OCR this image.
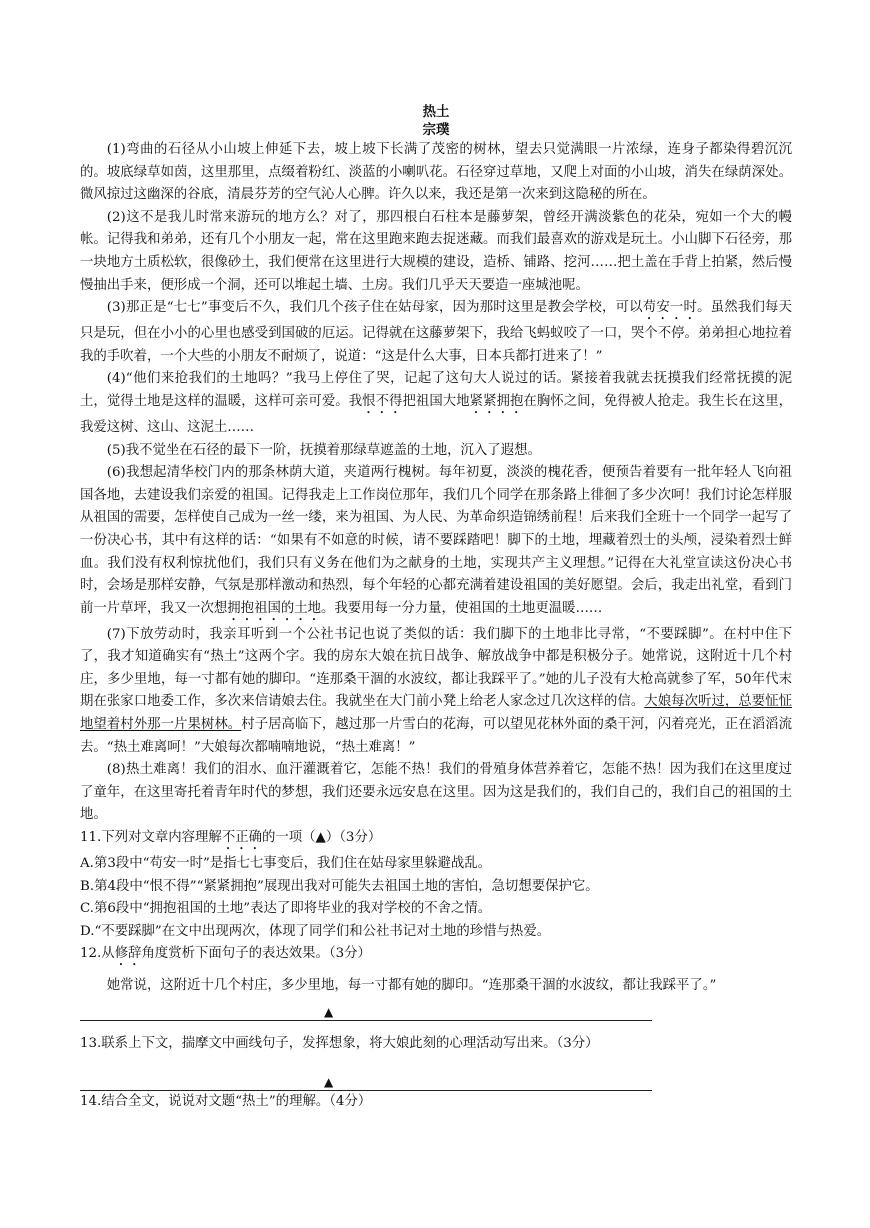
热土
宗璞
(1)弯曲的石径从小山坡上伸延下去，坡上坡下长满了茂密的树林，望去只觉满眼一片浓绿，连身子都染得碧沉沉的。坡底绿草如茵，这里那里，点缀着粉红、淡蓝的小喇叭花。石径穿过草地，又爬上对面的小山坡，消失在绿荫深处。微风掠过这幽深的谷底，清晨芬芳的空气沁人心脾。许久以来，我还是第一次来到这隐秘的所在。
(2)这不是我儿时常来游玩的地方么？对了，那四根白石柱本是藤萝架，曾经开满淡紫色的花朵，宛如一个大的幔帐。记得我和弟弟，还有几个小朋友一起，常在这里跑来跑去捉迷藏。而我们最喜欢的游戏是玩土。小山脚下石径旁，那一块地方土质松软，很像砂土，我们便常在这里进行大规模的建设，造桥、铺路、挖河……把土盖在手背上拍紧，然后慢慢抽出手来，便形成一个洞，还可以堆起土墙、土房。我们几乎天天要造一座城池呢。
(3)那正是“七七”事变后不久，我们几个孩子住在姑母家，因为那时这里是教会学校，可以苟安一时。虽然我们每天只是玩，但在小小的心里也感受到国破的厄运。记得就在这藤萝架下，我给飞蚂蚁咬了一口，哭个不停。弟弟担心地拉着我的手吹着，一个大些的小朋友不耐烦了，说道：“这是什么大事，日本兵都打进来了！”
(4)“他们来抢我们的土地吗？”我马上停住了哭，记起了这句大人说过的话。紧接着我就去抚摸我们经常抚摸的泥土，觉得土地是这样的温暖，这样可亲可爱。我恨不得把祖国大地紧紧拥抱在胸怀之间，免得被人抢走。我生长在这里，我爱这树、这山、这泥土……
(5)我不觉坐在石径的最下一阶，抚摸着那绿草遮盖的土地，沉入了遐想。
(6)我想起清华校门内的那条林荫大道，夹道两行槐树。每年初夏，淡淡的槐花香，便预告着要有一批年轻人飞向祖国各地，去建设我们亲爱的祖国。记得我走上工作岗位那年，我们几个同学在那条路上徘徊了多少次呵！我们讨论怎样服从祖国的需要，怎样使自己成为一丝一缕，来为祖国、为人民、为革命织造锦绣前程！后来我们全班十一个同学一起写了一份决心书，其中有这样的话：“如果有不如意的时候，请不要踩踏吧！脚下的土地，埋藏着烈士的头颅，浸染着烈士鲜血。我们没有权利惊扰他们，我们只有义务在他们为之献身的土地，实现共产主义理想。”记得在大礼堂宣读这份决心书时，会场是那样安静，气氛是那样激动和热烈，每个年轻的心都充满着建设祖国的美好愿望。会后，我走出礼堂，看到门前一片草坪，我又一次想拥抱祖国的土地。我要用每一分力量，使祖国的土地更温暖……
(7)下放劳动时，我亲耳听到一个公社书记也说了类似的话：我们脚下的土地非比寻常，“不要踩脚”。在村中住下了，我才知道确实有“热土”这两个字。我的房东大娘在抗日战争、解放战争中都是积极分子。她常说，这附近十几个村庄，多少里地，每一寸都有她的脚印。“连那桑干涸的水波纹，都让我踩平了。”她的儿子没有大枪高就参了军，50年代末期在张家口地委工作，多次来信请娘去住。我就坐在大门前小凳上给老人家念过几次这样的信。大娘每次听过，总要怔怔地望着村外那一片果树林。村子居高临下，越过那一片雪白的花海，可以望见花林外面的桑干河，闪着亮光，正在滔滔流去。“热土难离呵！”大娘每次都喃喃地说，“热土难离！”
(8)热土难离！我们的泪水、血汗灌溉着它，怎能不热！我们的骨殖身体营养着它，怎能不热！因为我们在这里度过了童年，在这里寄托着青年时代的梦想，我们还要永远安息在这里。因为这是我们的，我们自己的，我们自己的祖国的土地。
11.下列对文章内容理解不正确的一项（▲）（3分）
A.第3段中“苟安一时”是指七七事变后，我们住在姑母家里躲避战乱。
B.第4段中“恨不得”“紧紧拥抱”展现出我对可能失去祖国土地的害怕，急切想要保护它。
C.第6段中“拥抱祖国的土地”表达了即将毕业的我对学校的不舍之情。
D.“不要踩脚”在文中出现两次，体现了同学们和公社书记对土地的珍惜与热爱。
12.从修辞角度赏析下面句子的表达效果。（3分）
她常说，这附近十几个村庄，多少里地，每一寸都有她的脚印。“连那桑干涸的水波纹，都让我踩平了。”
▲
13.联系上下文，揣摩文中画线句子，发挥想象，将大娘此刻的心理活动写出来。（3分）
▲
14.结合全文，说说对文题“热土”的理解。（4分）
